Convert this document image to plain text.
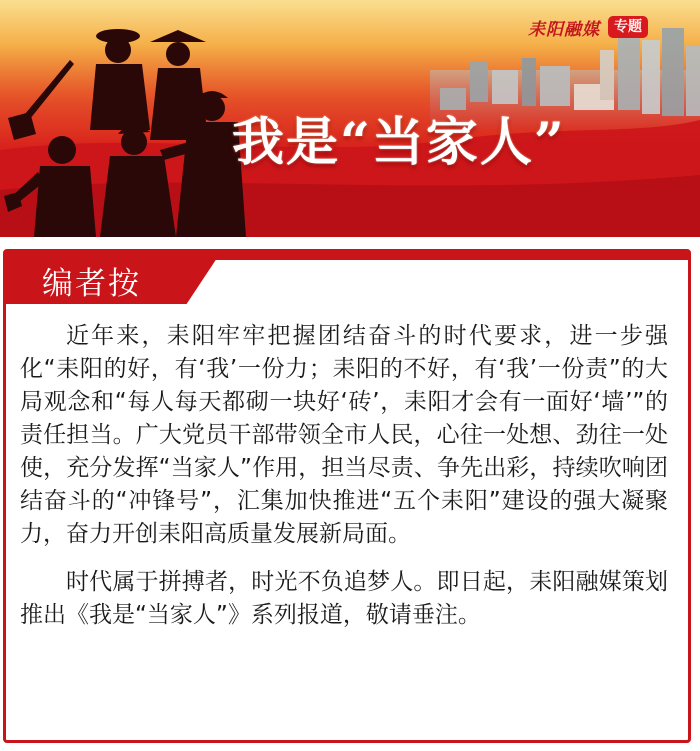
耒阳融媒	专题
我是“当家人”
编者按

近年来，耒阳牢牢把握团结奋斗的时代要求，进一步强化“耒阳的好，有‘我’一份力；耒阳的不好，有‘我’一份责”的大局观念和“每人每天都砌一块好‘砖’，耒阳才会有一面好‘墙’”的责任担当。广大党员干部带领全市人民，心往一处想、劲往一处使，充分发挥“当家人”作用，担当尽责、争先出彩，持续吹响团结奋斗的“冲锋号”，汇集加快推进“五个耒阳”建设的强大凝聚力，奋力开创耒阳高质量发展新局面。

时代属于拼搏者，时光不负追梦人。即日起，耒阳融媒策划推出《我是“当家人”》系列报道，敬请垂注。
